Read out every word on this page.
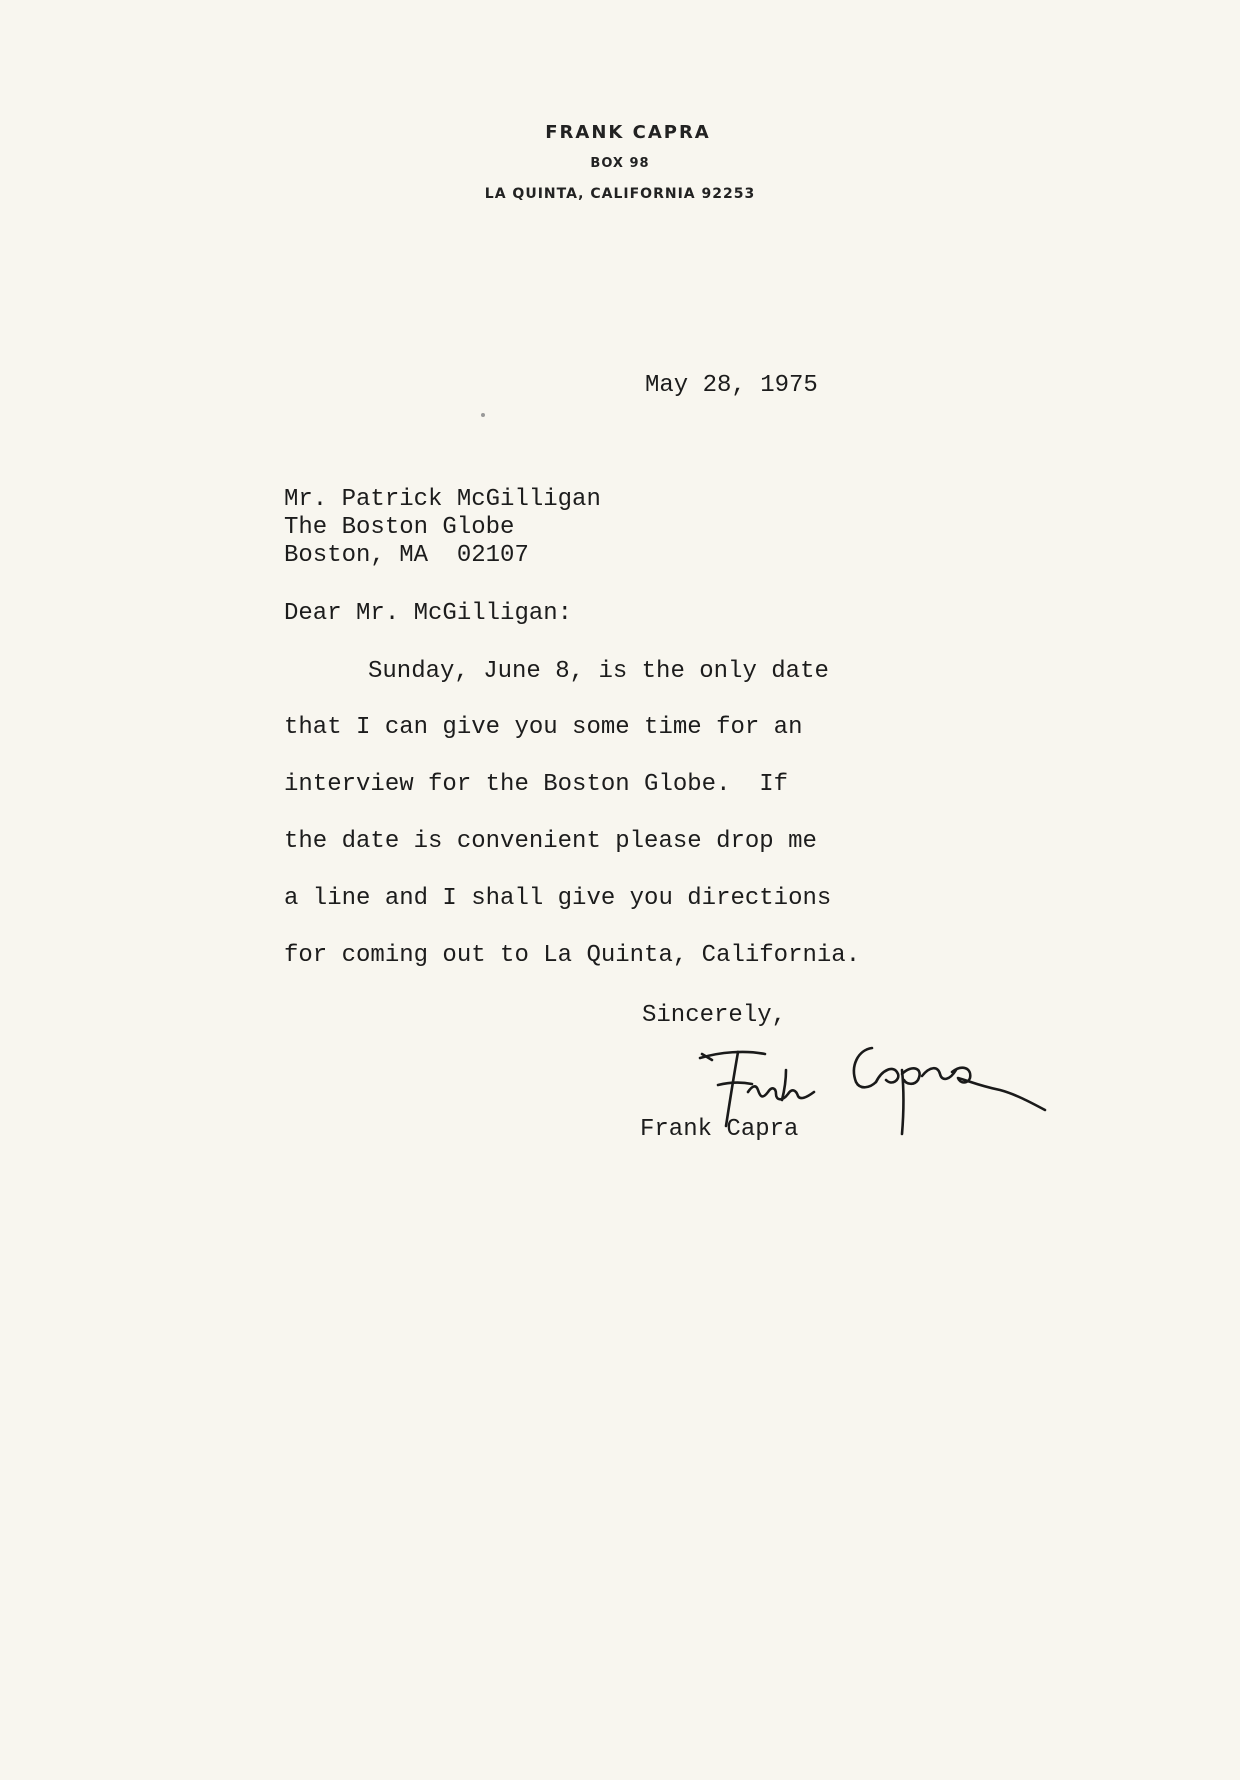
FRANK CAPRA
BOX 98
LA QUINTA, CALIFORNIA 92253
May 28, 1975
Mr. Patrick McGilligan
The Boston Globe
Boston, MA  02107
Dear Mr. McGilligan:
Sunday, June 8, is the only date
that I can give you some time for an
interview for the Boston Globe.  If
the date is convenient please drop me
a line and I shall give you directions
for coming out to La Quinta, California.
Sincerely,
Frank Capra
